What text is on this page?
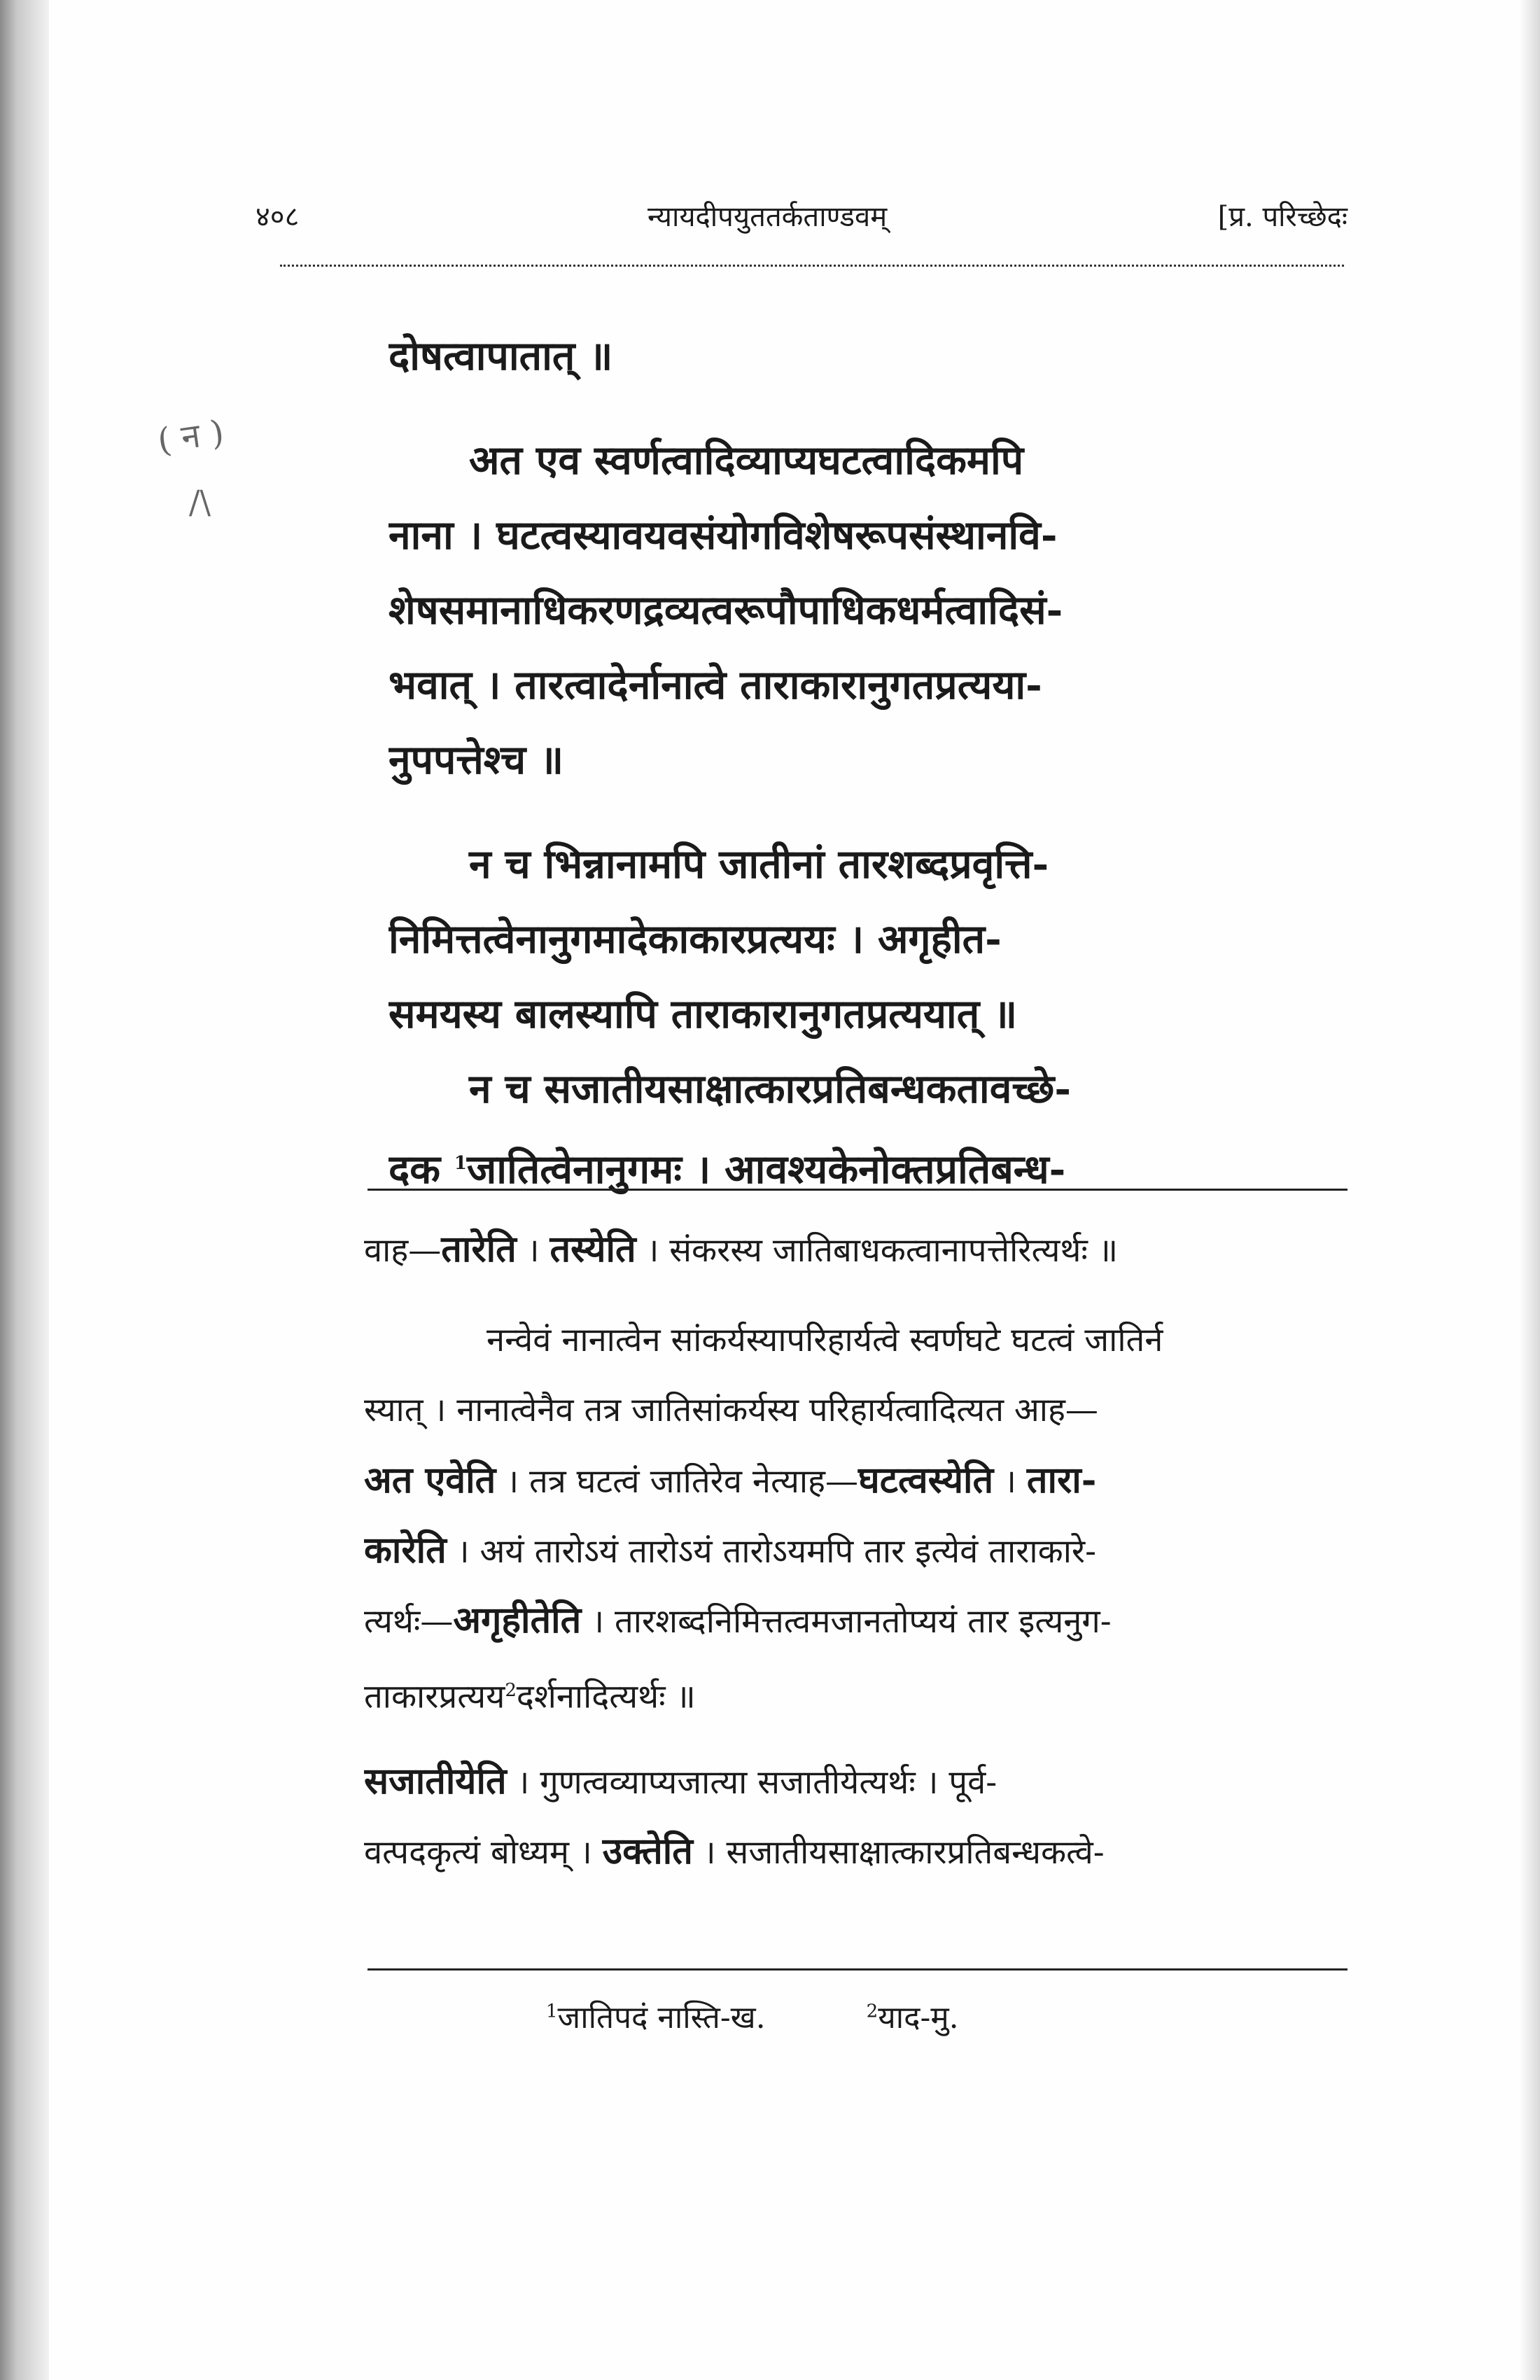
४०८	न्यायदीपयुततर्कताण्डवम्	[प्र. परिच्छेदः
( न )
/\
दोषत्वापातात् ॥
अत एव स्वर्णत्वादिव्याप्यघटत्वादिकमपि
नाना । घटत्वस्यावयवसंयोगविशेषरूपसंस्थानवि-
शेषसमानाधिकरणद्रव्यत्वरूपौपाधिकधर्मत्वादिसं-
भवात् । तारत्वादेर्नानात्वे ताराकारानुगतप्रत्यया-
नुपपत्तेश्च ॥
न च भिन्नानामपि जातीनां तारशब्दप्रवृत्ति-
निमित्तत्वेनानुगमादेकाकारप्रत्ययः । अगृहीत-
समयस्य बालस्यापि ताराकारानुगतप्रत्ययात् ॥
न च सजातीयसाक्षात्कारप्रतिबन्धकतावच्छे-
दक $^1$जातित्वेनानुगमः । आवश्यकेनोक्तप्रतिबन्ध-
वाह—तारेति । तस्येति । संकरस्य जातिबाधकत्वानापत्तेरित्यर्थः ॥
नन्वेवं नानात्वेन सांकर्यस्यापरिहार्यत्वे स्वर्णघटे घटत्वं जातिर्न
स्यात् । नानात्वेनैव तत्र जातिसांकर्यस्य परिहार्यत्वादित्यत आह—
अत एवेति । तत्र घटत्वं जातिरेव नेत्याह—घटत्वस्येति । तारा-
कारेति । अयं तारोऽयं तारोऽयं तारोऽयमपि तार इत्येवं ताराकारे-
त्यर्थः—अगृहीतेति । तारशब्दनिमित्तत्वमजानतोप्ययं तार इत्यनुग-
ताकारप्रत्यय$^2$दर्शनादित्यर्थः ॥
सजातीयेति । गुणत्वव्याप्यजात्या सजातीयेत्यर्थः । पूर्व-
वत्पदकृत्यं बोध्यम् । उक्तेति । सजातीयसाक्षात्कारप्रतिबन्धकत्वे-
$^1$जातिपदं नास्ति-ख.	$^2$याद-मु.
